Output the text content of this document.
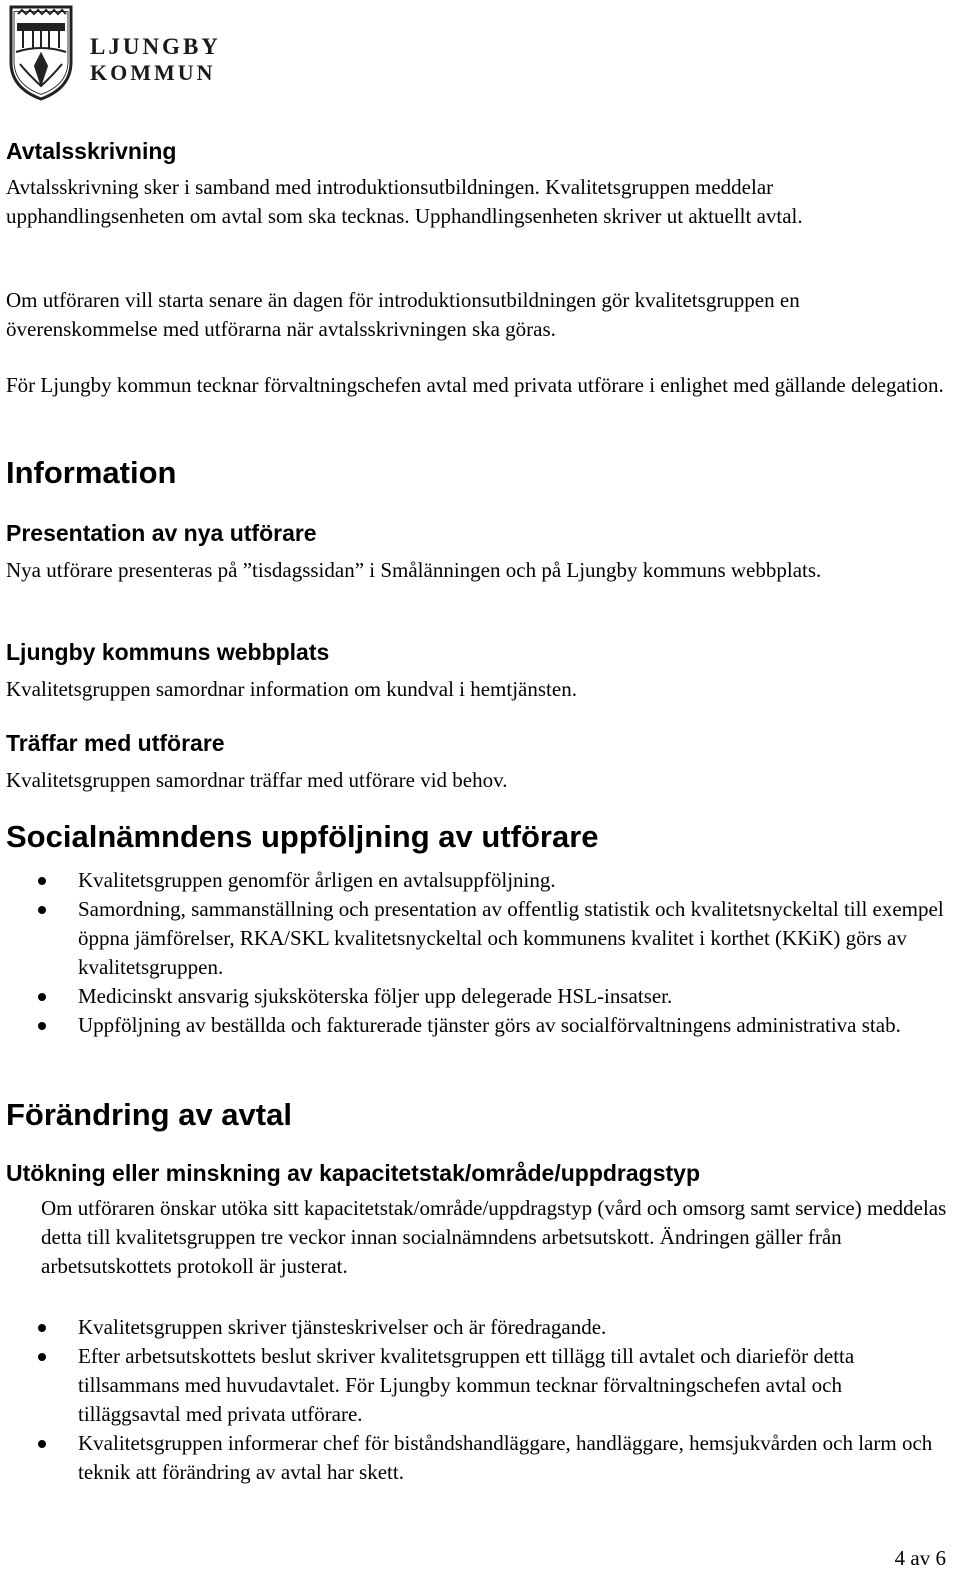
LJUNGBY
KOMMUN
Avtalsskrivning

Avtalsskrivning sker i samband med introduktionsutbildningen. Kvalitetsgruppen meddelar upphandlingsenheten om avtal som ska tecknas. Upphandlingsenheten skriver ut aktuellt avtal.

Om utföraren vill starta senare än dagen för introduktionsutbildningen gör kvalitetsgruppen en överenskommelse med utförarna när avtalsskrivningen ska göras.

För Ljungby kommun tecknar förvaltningschefen avtal med privata utförare i enlighet med gällande delegation.

Information
Presentation av nya utförare

Nya utförare presenteras på ”tisdagssidan” i Smålänningen och på Ljungby kommuns webbplats.

Ljungby kommuns webbplats

Kvalitetsgruppen samordnar information om kundval i hemtjänsten.

Träffar med utförare

Kvalitetsgruppen samordnar träffar med utförare vid behov.

Socialnämndens uppföljning av utförare
Kvalitetsgruppen genomför årligen en avtalsuppföljning.
Samordning, sammanställning och presentation av offentlig statistik och kvalitetsnyckeltal till exempel öppna jämförelser, RKA/SKL kvalitetsnyckeltal och kommunens kvalitet i korthet (KKiK) görs av kvalitetsgruppen.
Medicinskt ansvarig sjuksköterska följer upp delegerade HSL-insatser.
Uppföljning av beställda och fakturerade tjänster görs av socialförvaltningens administrativa stab.
Förändring av avtal
Utökning eller minskning av kapacitetstak/område/uppdragstyp

Om utföraren önskar utöka sitt kapacitetstak/område/uppdragstyp (vård och omsorg samt service) meddelas detta till kvalitetsgruppen tre veckor innan socialnämndens arbetsutskott. Ändringen gäller från arbetsutskottets protokoll är justerat.

Kvalitetsgruppen skriver tjänsteskrivelser och är föredragande.
Efter arbetsutskottets beslut skriver kvalitetsgruppen ett tillägg till avtalet och diarieför detta tillsammans med huvudavtalet. För Ljungby kommun tecknar förvaltningschefen avtal och tilläggsavtal med privata utförare.
Kvalitetsgruppen informerar chef för biståndshandläggare, handläggare, hemsjukvården och larm och teknik att förändring av avtal har skett.
4 av 6
